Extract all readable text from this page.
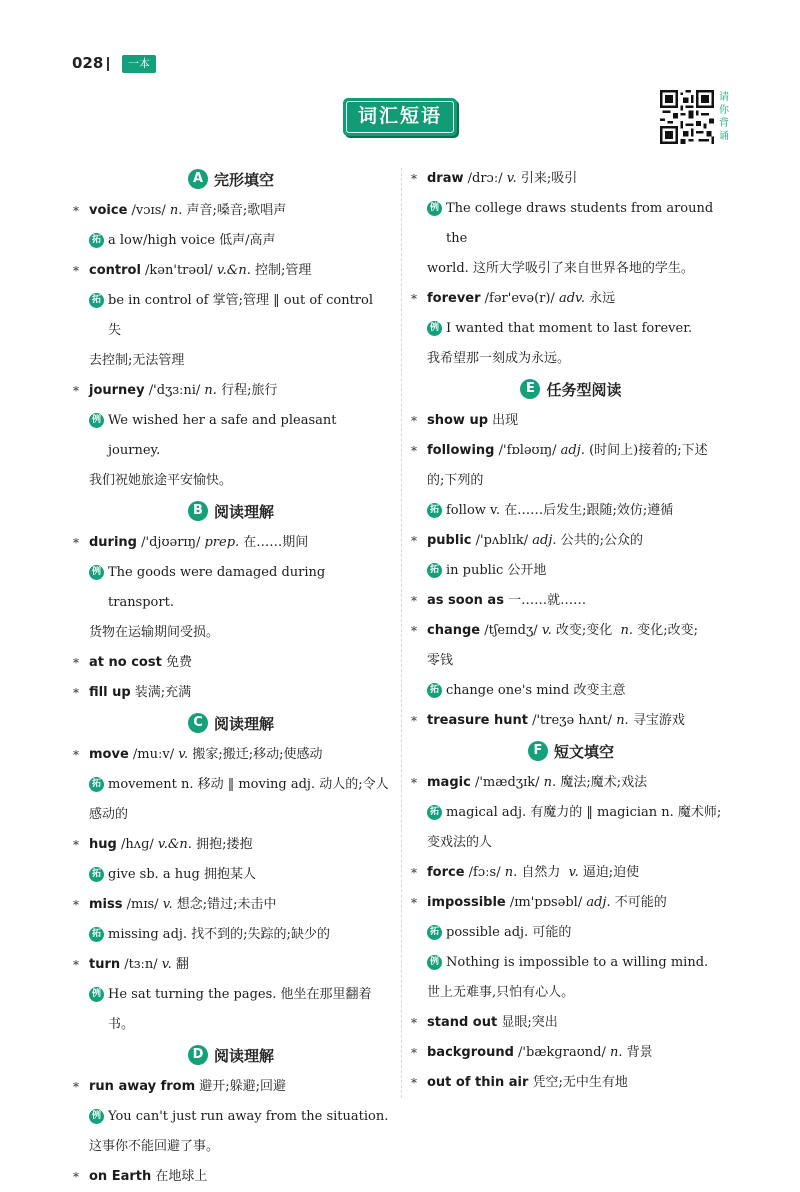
028	一本
词汇短语
请你背诵
A 完形填空
* voice /vɔɪs/ n. 声音;嗓音;歌唱声
拓 a low/high voice 低声/高声
* control /kən'trəʊl/ v.&n. 控制;管理
拓 be in control of 掌管;管理 ‖ out of control 失
去控制;无法管理
* journey /'dʒɜːni/ n. 行程;旅行
例 We wished her a safe and pleasant journey.
我们祝她旅途平安愉快。
B 阅读理解
* during /'djʊərɪŋ/ prep. 在……期间
例 The goods were damaged during transport.
货物在运输期间受损。
* at no cost 免费
* fill up 装满;充满
C 阅读理解
* move /muːv/ v. 搬家;搬迁;移动;使感动
拓 movement n. 移动 ‖ moving adj. 动人的;令人
感动的
* hug /hʌɡ/ v.&n. 拥抱;搂抱
拓 give sb. a hug 拥抱某人
* miss /mɪs/ v. 想念;错过;未击中
拓 missing adj. 找不到的;失踪的;缺少的
* turn /tɜːn/ v. 翻
例 He sat turning the pages. 他坐在那里翻着书。
D 阅读理解
* run away from 避开;躲避;回避
例 You can't just run away from the situation.
这事你不能回避了事。
* on Earth 在地球上
* draw /drɔː/ v. 引来;吸引
例 The college draws students from around the
world. 这所大学吸引了来自世界各地的学生。
* forever /fər'evə(r)/ adv. 永远
例 I wanted that moment to last forever.
我希望那一刻成为永远。
E 任务型阅读
* show up 出现
* following /'fɒləʊɪŋ/ adj. (时间上)接着的;下述
的;下列的
拓 follow v. 在……后发生;跟随;效仿;遵循
* public /'pʌblɪk/ adj. 公共的;公众的
拓 in public 公开地
* as soon as 一……就……
* change /tʃeɪndʒ/ v. 改变;变化 n. 变化;改变;
零钱
拓 change one's mind 改变主意
* treasure hunt /'treʒə hʌnt/ n. 寻宝游戏
F 短文填空
* magic /'mædʒɪk/ n. 魔法;魔术;戏法
拓 magical adj. 有魔力的 ‖ magician n. 魔术师;
变戏法的人
* force /fɔːs/ n. 自然力 v. 逼迫;迫使
* impossible /ɪm'pɒsəbl/ adj. 不可能的
拓 possible adj. 可能的
例 Nothing is impossible to a willing mind.
世上无难事,只怕有心人。
* stand out 显眼;突出
* background /'bækɡraʊnd/ n. 背景
* out of thin air 凭空;无中生有地
